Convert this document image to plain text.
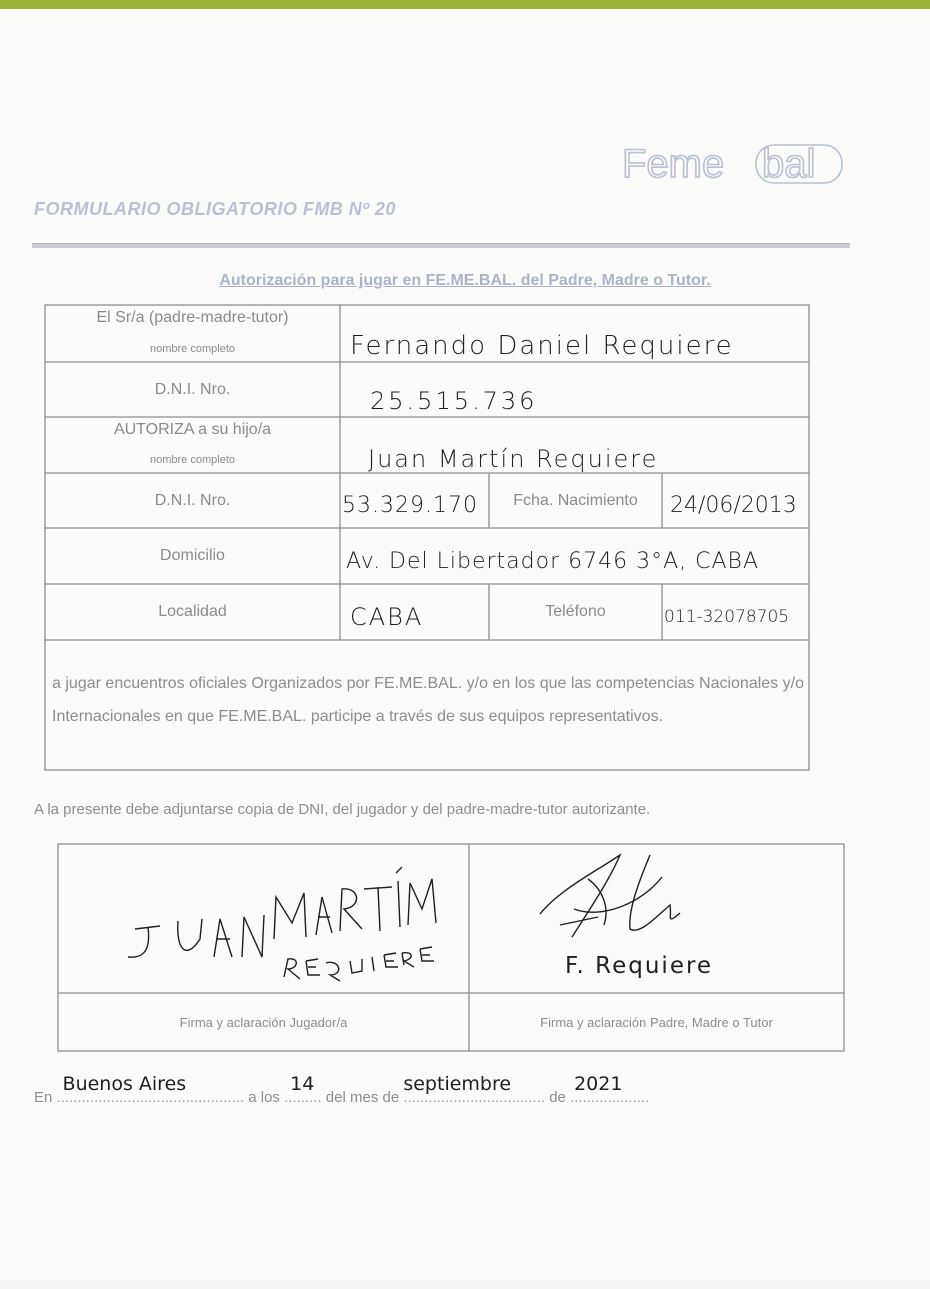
Feme bal
FORMULARIO OBLIGATORIO FMB Nº 20
Autorización para jugar en FE.ME.BAL. del Padre, Madre o Tutor.
El Sr/a (padre-madre-tutor)
nombre completo	Fernando Daniel Requiere
D.N.I. Nro.	25.515.736
AUTORIZA a su hijo/a
nombre completo	Juan Martín Requiere
D.N.I. Nro.	53.329.170	Fcha. Nacimiento	24/06/2013
Domicilio	Av. Del Libertador 6746 3°A, CABA
Localidad	CABA	Teléfono	011-32078705
a jugar encuentros oficiales Organizados por FE.ME.BAL. y/o en los que las competencias Nacionales y/o Internacionales en que FE.ME.BAL. participe a través de sus equipos representativos.
A la presente debe adjuntarse copia de DNI, del jugador y del padre-madre-tutor autorizante.
F. Requiere
Firma y aclaración Jugador/a	Firma y aclaración Padre, Madre o Tutor
En .............................................
Buenos Aires
a los .........
14
del mes de ..................................
septiembre
de ...................
2021
